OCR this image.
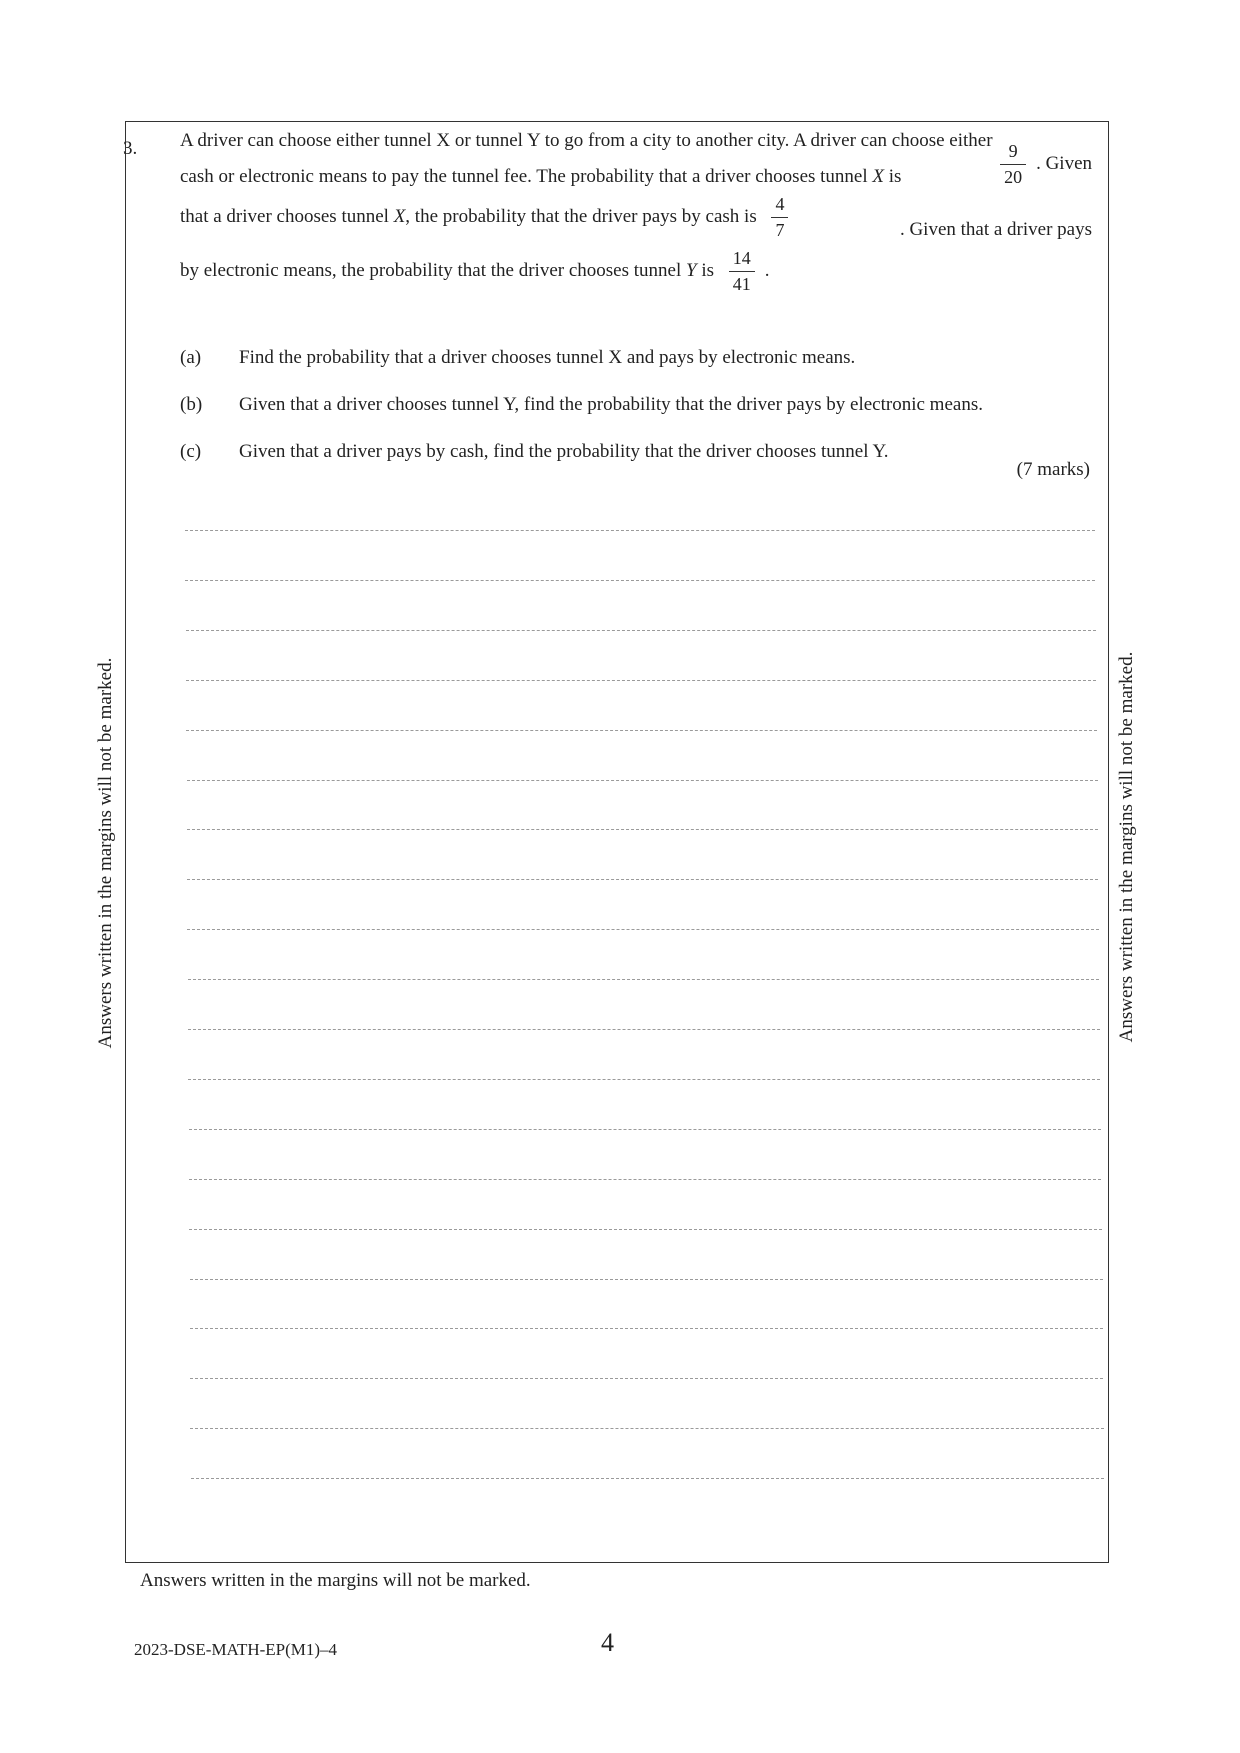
Answers written in the margins will not be marked.	Answers written in the margins will not be marked.
3. A driver can choose either tunnel X or tunnel Y to go from a city to another city. A driver can choose either
cash or electronic means to pay the tunnel fee. The probability that a driver chooses tunnel X is	$\frac{9}{20}$ . Given
that a driver chooses tunnel X, the probability that the driver pays by cash is $\frac{4}{7}$	. Given that a driver pays
by electronic means, the probability that the driver chooses tunnel Y is $\frac{14}{41}$ .
(a) Find the probability that a driver chooses tunnel X and pays by electronic means.
(b) Given that a driver chooses tunnel Y, find the probability that the driver pays by electronic means.
(c) Given that a driver pays by cash, find the probability that the driver chooses tunnel Y.
(7 marks)
Answers written in the margins will not be marked.
2023-DSE-MATH-EP(M1)–4	4
